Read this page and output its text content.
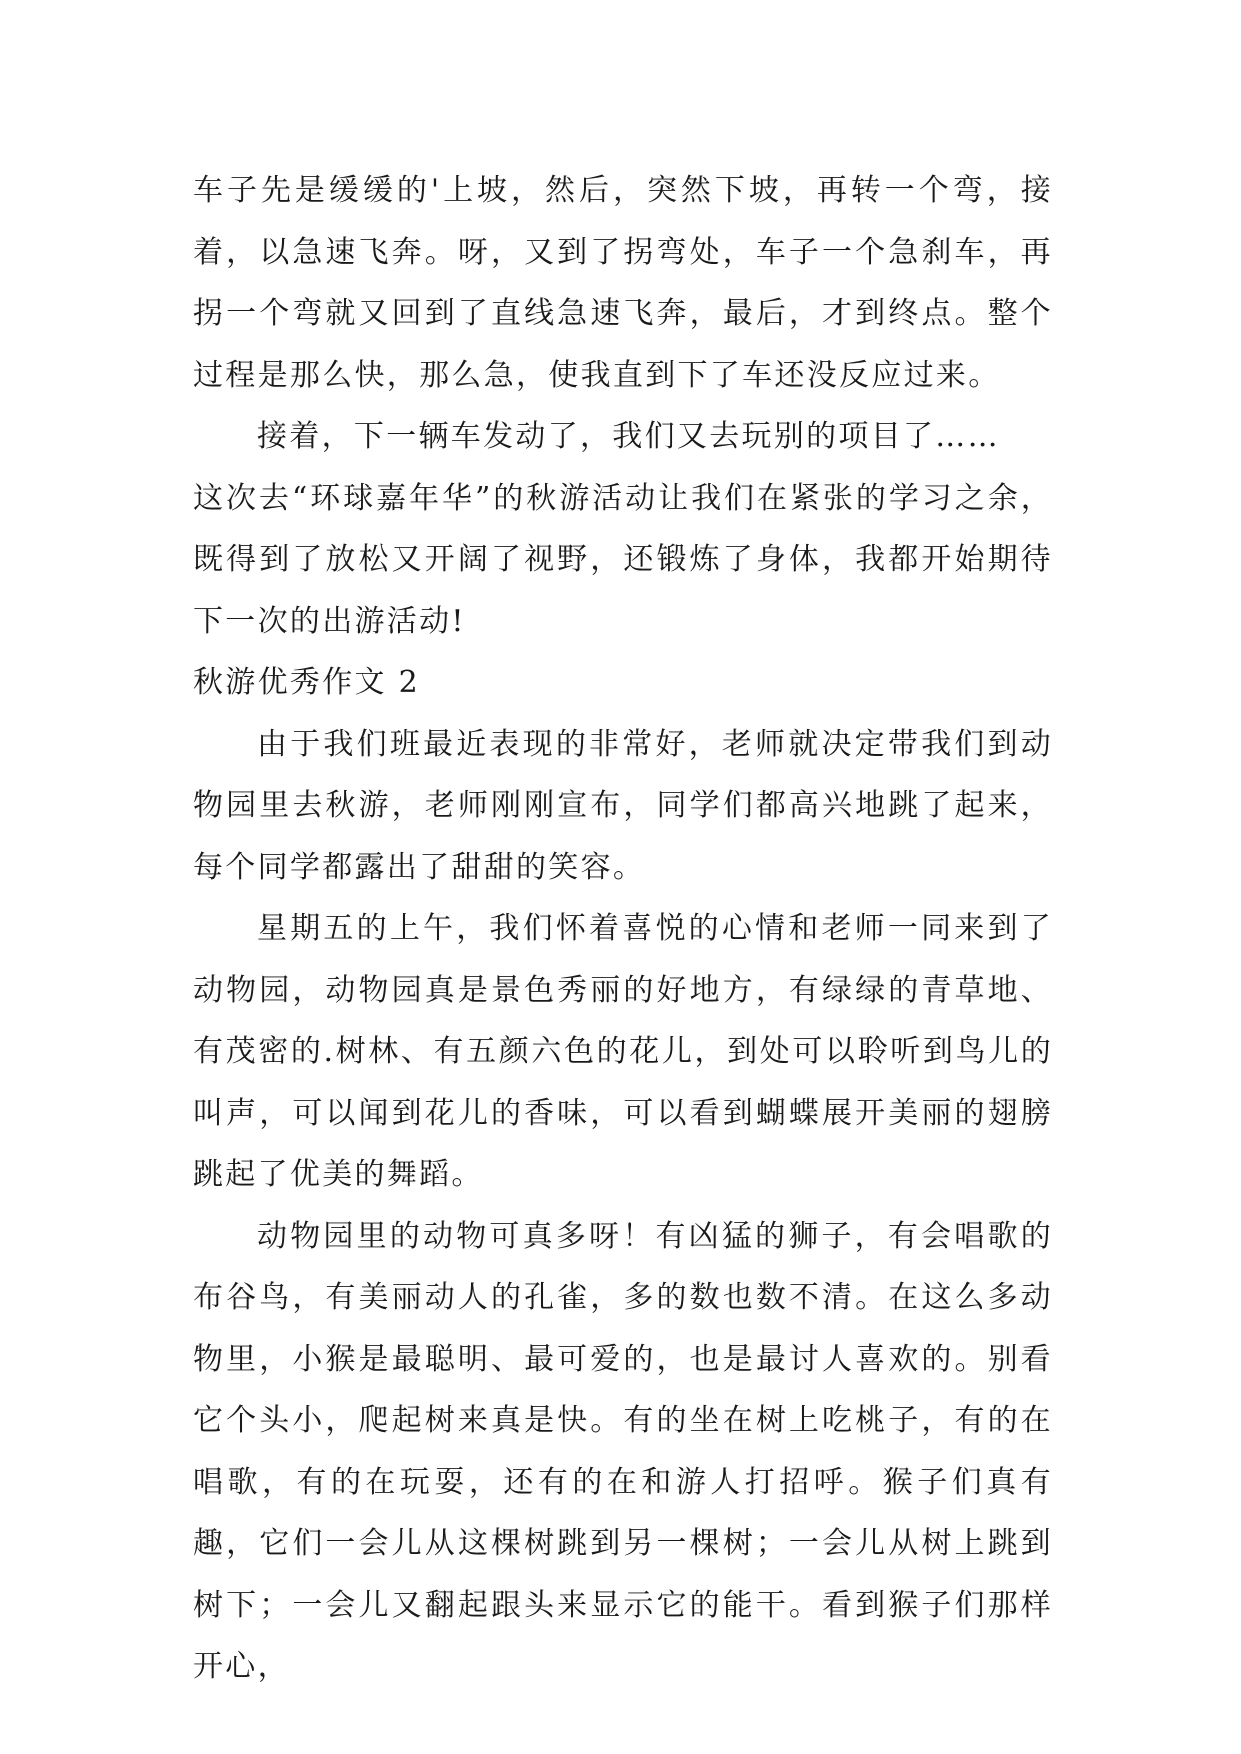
车子先是缓缓的'上坡，然后，突然下坡，再转一个弯，接着，以急速飞奔。呀，又到了拐弯处，车子一个急刹车，再拐一个弯就又回到了直线急速飞奔，最后，才到终点。整个过程是那么快，那么急，使我直到下了车还没反应过来。

接着，下一辆车发动了，我们又去玩别的项目了……

这次去“环球嘉年华”的秋游活动让我们在紧张的学习之余，既得到了放松又开阔了视野，还锻炼了身体，我都开始期待下一次的出游活动!

秋游优秀作文 2

由于我们班最近表现的非常好，老师就决定带我们到动物园里去秋游，老师刚刚宣布，同学们都高兴地跳了起来，每个同学都露出了甜甜的笑容。

星期五的上午，我们怀着喜悦的心情和老师一同来到了动物园，动物园真是景色秀丽的好地方，有绿绿的青草地、有茂密的.树林、有五颜六色的花儿，到处可以聆听到鸟儿的叫声，可以闻到花儿的香味，可以看到蝴蝶展开美丽的翅膀跳起了优美的舞蹈。

动物园里的动物可真多呀！有凶猛的狮子，有会唱歌的布谷鸟，有美丽动人的孔雀，多的数也数不清。在这么多动物里，小猴是最聪明、最可爱的，也是最讨人喜欢的。别看它个头小，爬起树来真是快。有的坐在树上吃桃子，有的在唱歌，有的在玩耍，还有的在和游人打招呼。猴子们真有趣，它们一会儿从这棵树跳到另一棵树；一会儿从树上跳到树下；一会儿又翻起跟头来显示它的能干。看到猴子们那样开心，
